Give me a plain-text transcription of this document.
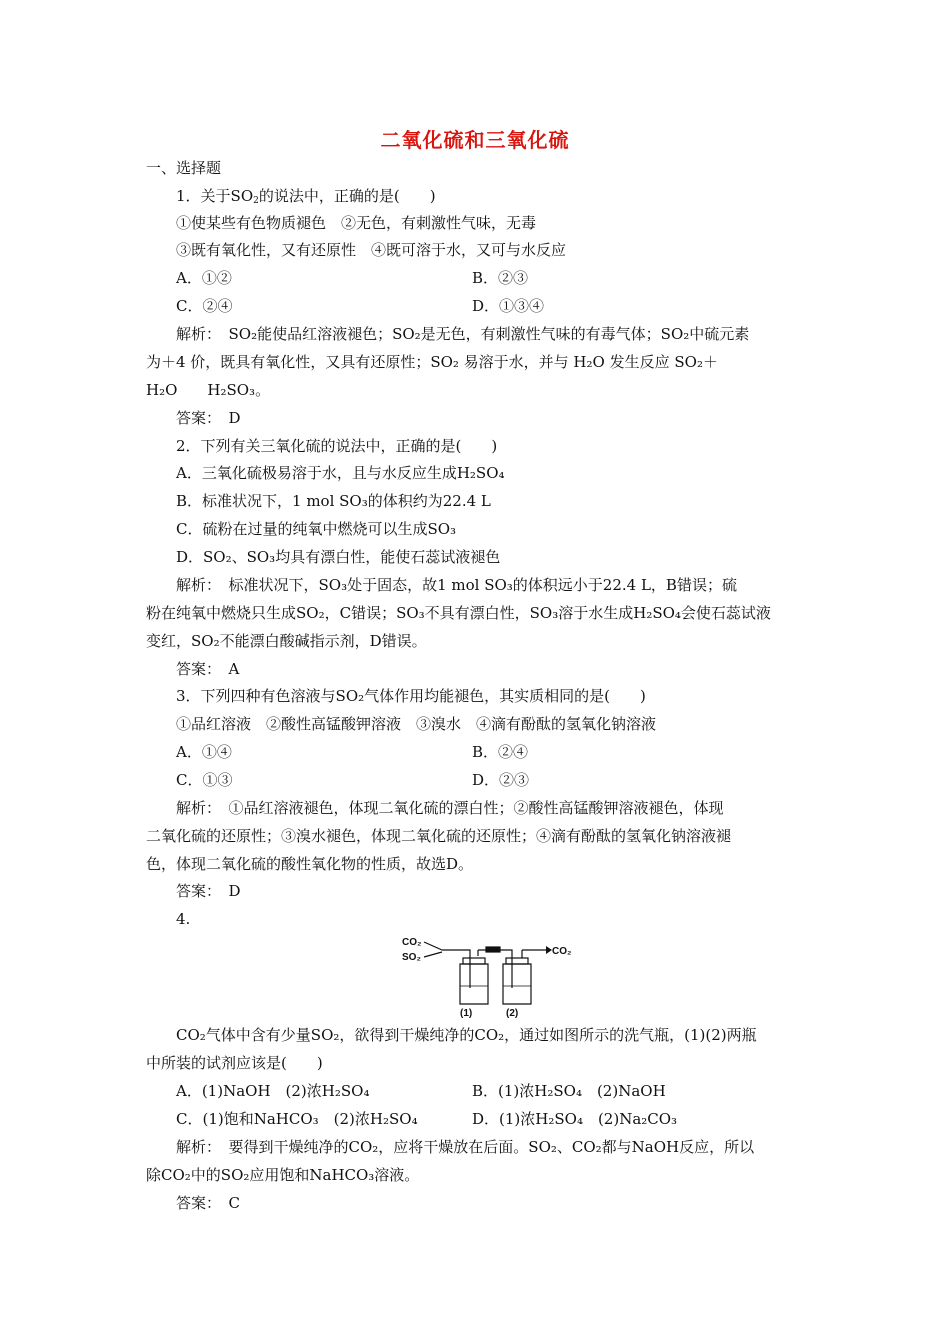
二氧化硫和三氧化硫
一、选择题
1．关于$SO_2$的说法中，正确的是(　　)
①使某些有色物质褪色　②无色，有刺激性气味，无毒
③既有氧化性，又有还原性　④既可溶于水，又可与水反应
A．①②	B．②③
C．②④	D．①③④
解析：　SO₂能使品红溶液褪色；SO₂是无色，有刺激性气味的有毒气体；SO₂中硫元素
为＋4 价，既具有氧化性，又具有还原性；SO₂ 易溶于水，并与 H₂O 发生反应 SO₂＋
H₂O　　H₂SO₃。
答案：　D
2．下列有关三氧化硫的说法中，正确的是(　　)
A．三氧化硫极易溶于水，且与水反应生成H₂SO₄
B．标准状况下，1 mol SO₃的体积约为22.4 L
C．硫粉在过量的纯氧中燃烧可以生成SO₃
D．SO₂、SO₃均具有漂白性，能使石蕊试液褪色
解析：　标准状况下，SO₃处于固态，故1 mol SO₃的体积远小于22.4 L，B错误；硫
粉在纯氧中燃烧只生成SO₂，C错误；SO₃不具有漂白性，SO₃溶于水生成H₂SO₄会使石蕊试液
变红，SO₂不能漂白酸碱指示剂，D错误。
答案：　A
3．下列四种有色溶液与SO₂气体作用均能褪色，其实质相同的是(　　)
①品红溶液　②酸性高锰酸钾溶液　③溴水　④滴有酚酞的氢氧化钠溶液
A．①④	B．②④
C．①③	D．②③
解析：　①品红溶液褪色，体现二氧化硫的漂白性；②酸性高锰酸钾溶液褪色，体现
二氧化硫的还原性；③溴水褪色，体现二氧化硫的还原性；④滴有酚酞的氢氧化钠溶液褪
色，体现二氧化硫的酸性氧化物的性质，故选D。
答案：　D
4.
CO₂
SO₂
CO₂
(1)	(2)
CO₂气体中含有少量SO₂，欲得到干燥纯净的CO₂，通过如图所示的洗气瓶，(1)(2)两瓶
中所装的试剂应该是(　　)
A．(1)NaOH　(2)浓H₂SO₄	B．(1)浓H₂SO₄　(2)NaOH
C．(1)饱和NaHCO₃　(2)浓H₂SO₄	D．(1)浓H₂SO₄　(2)Na₂CO₃
解析：　要得到干燥纯净的CO₂，应将干燥放在后面。SO₂、CO₂都与NaOH反应，所以
除CO₂中的SO₂应用饱和NaHCO₃溶液。
答案：　C
